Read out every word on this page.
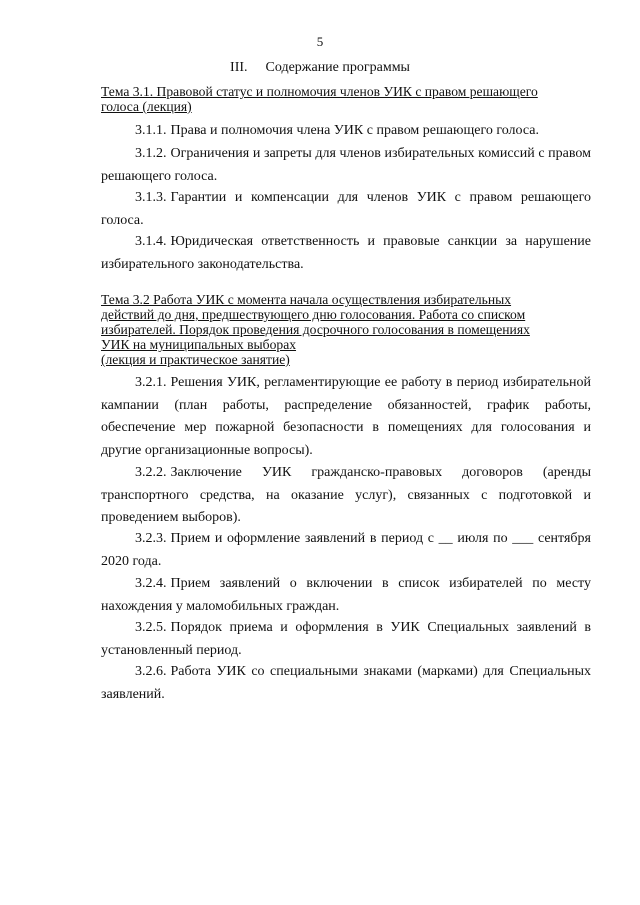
5
III. Содержание программы
Тема 3.1. Правовой статус и полномочия членов УИК с правом решающего
голоса (лекция)
3.1.1. Права и полномочия члена УИК с правом решающего голоса.
3.1.2. Ограничения и запреты для членов избирательных комиссий с правом решающего голоса.
3.1.3. Гарантии и компенсации для членов УИК с правом решающего голоса.
3.1.4. Юридическая ответственность и правовые санкции за нарушение избирательного законодательства.
Тема 3.2 Работа УИК с момента начала осуществления избирательных
действий до дня, предшествующего дню голосования. Работа со списком
избирателей. Порядок проведения досрочного голосования в помещениях
УИК на муниципальных выборах
(лекция и практическое занятие)
3.2.1. Решения УИК, регламентирующие ее работу в период избирательной кампании (план работы, распределение обязанностей, график работы, обеспечение мер пожарной безопасности в помещениях для голосования и другие организационные вопросы).
3.2.2. Заключение УИК гражданско-правовых договоров (аренды транспортного средства, на оказание услуг), связанных с подготовкой и проведением выборов).
3.2.3. Прием и оформление заявлений в период с __ июля по ___ сентября 2020 года.
3.2.4. Прием заявлений о включении в список избирателей по месту нахождения у маломобильных граждан.
3.2.5. Порядок приема и оформления в УИК Специальных заявлений в установленный период.
3.2.6. Работа УИК со специальными знаками (марками) для Специальных заявлений.
